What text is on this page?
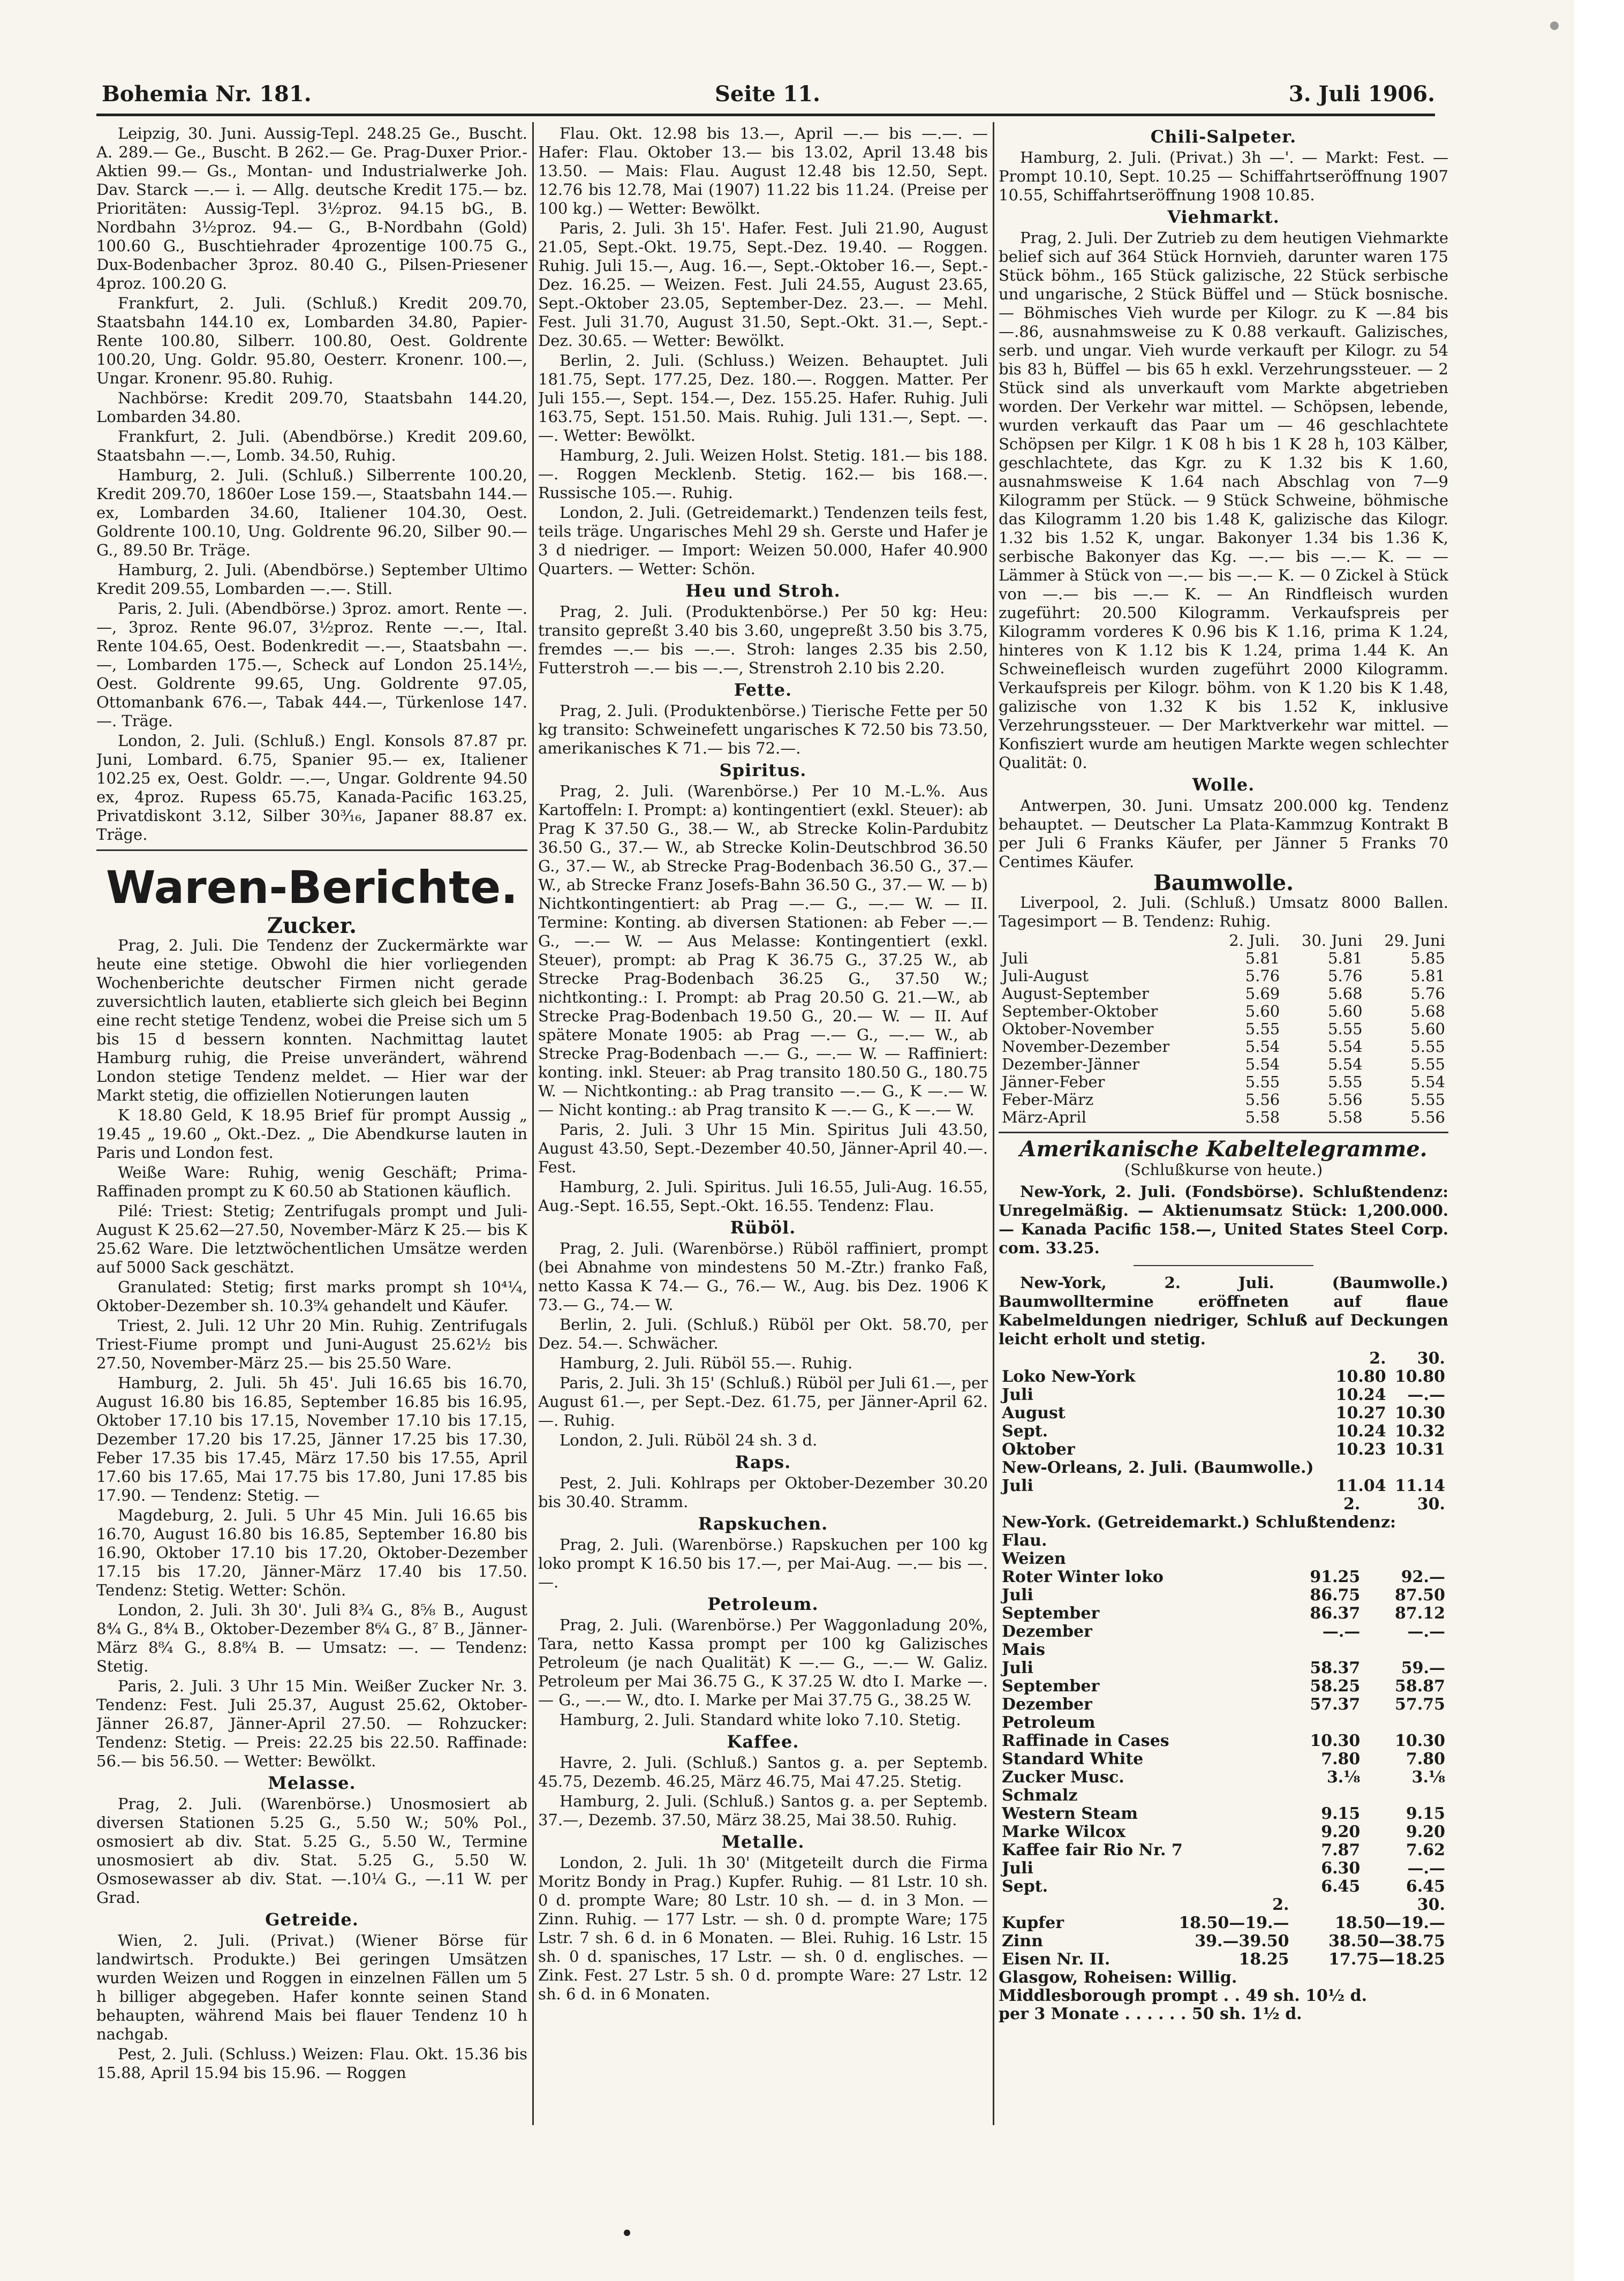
Bohemia Nr. 181.	Seite 11.	3. Juli 1906.

Leipzig, 30. Juni. Aussig-Tepl. 248.25 Ge., Buscht. A. 289.— Ge., Buscht. B 262.— Ge. Prag-Duxer Prior.-Aktien 99.— Gs., Montan- und Industrialwerke Joh. Dav. Starck —.— i. — Allg. deutsche Kredit 175.— bz. Prioritäten: Aussig-Tepl. 3½proz. 94.15 bG., B. Nordbahn 3½proz. 94.— G., B-Nordbahn (Gold) 100.60 G., Buschtiehrader 4prozentige 100.75 G., Dux-Bodenbacher 3proz. 80.40 G., Pilsen-Priesener 4proz. 100.20 G.

Frankfurt, 2. Juli. (Schluß.) Kredit 209.70, Staatsbahn 144.10 ex, Lombarden 34.80, Papier-Rente 100.80, Silberr. 100.80, Oest. Goldrente 100.20, Ung. Goldr. 95.80, Oesterr. Kronenr. 100.—, Ungar. Kronenr. 95.80. Ruhig.

Nachbörse: Kredit 209.70, Staatsbahn 144.20, Lombarden 34.80.

Frankfurt, 2. Juli. (Abendbörse.) Kredit 209.60, Staatsbahn —.—, Lomb. 34.50, Ruhig.

Hamburg, 2. Juli. (Schluß.) Silberrente 100.20, Kredit 209.70, 1860er Lose 159.—, Staatsbahn 144.— ex, Lombarden 34.60, Italiener 104.30, Oest. Goldrente 100.10, Ung. Goldrente 96.20, Silber 90.— G., 89.50 Br. Träge.

Hamburg, 2. Juli. (Abendbörse.) September Ultimo Kredit 209.55, Lombarden —.—. Still.

Paris, 2. Juli. (Abendbörse.) 3proz. amort. Rente —.—, 3proz. Rente 96.07, 3½proz. Rente —.—, Ital. Rente 104.65, Oest. Bodenkredit —.—, Staatsbahn —.—, Lombarden 175.—, Scheck auf London 25.14½, Oest. Goldrente 99.65, Ung. Goldrente 97.05, Ottomanbank 676.—, Tabak 444.—, Türkenlose 147.—. Träge.

London, 2. Juli. (Schluß.) Engl. Konsols 87.87 pr. Juni, Lombard. 6.75, Spanier 95.— ex, Italiener 102.25 ex, Oest. Goldr. —.—, Ungar. Goldrente 94.50 ex, 4proz. Rupess 65.75, Kanada-Pacific 163.25, Privatdiskont 3.12, Silber 30³⁄₁₆, Japaner 88.87 ex. Träge.

Waren-Berichte.
Zucker.

Prag, 2. Juli. Die Tendenz der Zuckermärkte war heute eine stetige. Obwohl die hier vorliegenden Wochenberichte deutscher Firmen nicht gerade zuversichtlich lauten, etablierte sich gleich bei Beginn eine recht stetige Tendenz, wobei die Preise sich um 5 bis 15 d bessern konnten. Nachmittag lautet Hamburg ruhig, die Preise unverändert, während London stetige Tendenz meldet. — Hier war der Markt stetig, die offiziellen Notierungen lauten

K 18.80 Geld, K 18.95 Brief für prompt Aussig „ 19.45 „ 19.60 „ Okt.-Dez. „ Die Abendkurse lauten in Paris und London fest.

Weiße Ware: Ruhig, wenig Geschäft; Prima-Raffinaden prompt zu K 60.50 ab Stationen käuflich.

Pilé: Triest: Stetig; Zentrifugals prompt und Juli-August K 25.62—27.50, November-März K 25.— bis K 25.62 Ware. Die letztwöchentlichen Umsätze werden auf 5000 Sack geschätzt.

Granulated: Stetig; first marks prompt sh 10⁴¹⁄₄, Oktober-Dezember sh. 10.3⁹⁄₄ gehandelt und Käufer.

Triest, 2. Juli. 12 Uhr 20 Min. Ruhig. Zentrifugals Triest-Fiume prompt und Juni-August 25.62½ bis 27.50, November-März 25.— bis 25.50 Ware.

Hamburg, 2. Juli. 5h 45'. Juli 16.65 bis 16.70, August 16.80 bis 16.85, September 16.85 bis 16.95, Oktober 17.10 bis 17.15, November 17.10 bis 17.15, Dezember 17.20 bis 17.25, Jänner 17.25 bis 17.30, Feber 17.35 bis 17.45, März 17.50 bis 17.55, April 17.60 bis 17.65, Mai 17.75 bis 17.80, Juni 17.85 bis 17.90. — Tendenz: Stetig. —

Magdeburg, 2. Juli. 5 Uhr 45 Min. Juli 16.65 bis 16.70, August 16.80 bis 16.85, September 16.80 bis 16.90, Oktober 17.10 bis 17.20, Oktober-Dezember 17.15 bis 17.20, Jänner-März 17.40 bis 17.50. Tendenz: Stetig. Wetter: Schön.

London, 2. Juli. 3h 30'. Juli 8³⁄₄ G., 8⁵⁄₈ B., August 8⁴⁄₄ G., 8⁴⁄₄ B., Oktober-Dezember 8⁶⁄₄ G., 8⁷ B., Jänner-März 8⁸⁄₄ G., 8.8⁸⁄₄ B. — Umsatz: —. — Tendenz: Stetig.

Paris, 2. Juli. 3 Uhr 15 Min. Weißer Zucker Nr. 3. Tendenz: Fest. Juli 25.37, August 25.62, Oktober-Jänner 26.87, Jänner-April 27.50. — Rohzucker: Tendenz: Stetig. — Preis: 22.25 bis 22.50. Raffinade: 56.— bis 56.50. — Wetter: Bewölkt.

Melasse.

Prag, 2. Juli. (Warenbörse.) Unosmosiert ab diversen Stationen 5.25 G., 5.50 W.; 50% Pol., osmosiert ab div. Stat. 5.25 G., 5.50 W., Termine unosmosiert ab div. Stat. 5.25 G., 5.50 W. Osmosewasser ab div. Stat. —.10¹⁄₄ G., —.11 W. per Grad.

Getreide.

Wien, 2. Juli. (Privat.) (Wiener Börse für landwirtsch. Produkte.) Bei geringen Umsätzen wurden Weizen und Roggen in einzelnen Fällen um 5 h billiger abgegeben. Hafer konnte seinen Stand behaupten, während Mais bei flauer Tendenz 10 h nachgab.

Pest, 2. Juli. (Schluss.) Weizen: Flau. Okt. 15.36 bis 15.88, April 15.94 bis 15.96. — Roggen

Flau. Okt. 12.98 bis 13.—, April —.— bis —.—. — Hafer: Flau. Oktober 13.— bis 13.02, April 13.48 bis 13.50. — Mais: Flau. August 12.48 bis 12.50, Sept. 12.76 bis 12.78, Mai (1907) 11.22 bis 11.24. (Preise per 100 kg.) — Wetter: Bewölkt.

Paris, 2. Juli. 3h 15'. Hafer. Fest. Juli 21.90, August 21.05, Sept.-Okt. 19.75, Sept.-Dez. 19.40. — Roggen. Ruhig. Juli 15.—, Aug. 16.—, Sept.-Oktober 16.—, Sept.-Dez. 16.25. — Weizen. Fest. Juli 24.55, August 23.65, Sept.-Oktober 23.05, September-Dez. 23.—. — Mehl. Fest. Juli 31.70, August 31.50, Sept.-Okt. 31.—, Sept.-Dez. 30.65. — Wetter: Bewölkt.

Berlin, 2. Juli. (Schluss.) Weizen. Behauptet. Juli 181.75, Sept. 177.25, Dez. 180.—. Roggen. Matter. Per Juli 155.—, Sept. 154.—, Dez. 155.25. Hafer. Ruhig. Juli 163.75, Sept. 151.50. Mais. Ruhig. Juli 131.—, Sept. —.—. Wetter: Bewölkt.

Hamburg, 2. Juli. Weizen Holst. Stetig. 181.— bis 188.—. Roggen Mecklenb. Stetig. 162.— bis 168.—. Russische 105.—. Ruhig.

London, 2. Juli. (Getreidemarkt.) Tendenzen teils fest, teils träge. Ungarisches Mehl 29 sh. Gerste und Hafer je 3 d niedriger. — Import: Weizen 50.000, Hafer 40.900 Quarters. — Wetter: Schön.

Heu und Stroh.

Prag, 2. Juli. (Produktenbörse.) Per 50 kg: Heu: transito gepreßt 3.40 bis 3.60, ungepreßt 3.50 bis 3.75, fremdes —.— bis —.—. Stroh: langes 2.35 bis 2.50, Futterstroh —.— bis —.—, Strenstroh 2.10 bis 2.20.

Fette.

Prag, 2. Juli. (Produktenbörse.) Tierische Fette per 50 kg transito: Schweinefett ungarisches K 72.50 bis 73.50, amerikanisches K 71.— bis 72.—.

Spiritus.

Prag, 2. Juli. (Warenbörse.) Per 10 M.-L.%. Aus Kartoffeln: I. Prompt: a) kontingentiert (exkl. Steuer): ab Prag K 37.50 G., 38.— W., ab Strecke Kolin-Pardubitz 36.50 G., 37.— W., ab Strecke Kolin-Deutschbrod 36.50 G., 37.— W., ab Strecke Prag-Bodenbach 36.50 G., 37.— W., ab Strecke Franz Josefs-Bahn 36.50 G., 37.— W. — b) Nichtkontingentiert: ab Prag —.— G., —.— W. — II. Termine: Konting. ab diversen Stationen: ab Feber —.— G., —.— W. — Aus Melasse: Kontingentiert (exkl. Steuer), prompt: ab Prag K 36.75 G., 37.25 W., ab Strecke Prag-Bodenbach 36.25 G., 37.50 W.; nichtkonting.: I. Prompt: ab Prag 20.50 G. 21.—W., ab Strecke Prag-Bodenbach 19.50 G., 20.— W. — II. Auf spätere Monate 1905: ab Prag —.— G., —.— W., ab Strecke Prag-Bodenbach —.— G., —.— W. — Raffiniert: konting. inkl. Steuer: ab Prag transito 180.50 G., 180.75 W. — Nichtkonting.: ab Prag transito —.— G., K —.— W. — Nicht konting.: ab Prag transito K —.— G., K —.— W.

Paris, 2. Juli. 3 Uhr 15 Min. Spiritus Juli 43.50, August 43.50, Sept.-Dezember 40.50, Jänner-April 40.—. Fest.

Hamburg, 2. Juli. Spiritus. Juli 16.55, Juli-Aug. 16.55, Aug.-Sept. 16.55, Sept.-Okt. 16.55. Tendenz: Flau.

Rüböl.

Prag, 2. Juli. (Warenbörse.) Rüböl raffiniert, prompt (bei Abnahme von mindestens 50 M.-Ztr.) franko Faß, netto Kassa K 74.— G., 76.— W., Aug. bis Dez. 1906 K 73.— G., 74.— W.

Berlin, 2. Juli. (Schluß.) Rüböl per Okt. 58.70, per Dez. 54.—. Schwächer.

Hamburg, 2. Juli. Rüböl 55.—. Ruhig.

Paris, 2. Juli. 3h 15' (Schluß.) Rüböl per Juli 61.—, per August 61.—, per Sept.-Dez. 61.75, per Jänner-April 62.—. Ruhig.

London, 2. Juli. Rüböl 24 sh. 3 d.

Raps.

Pest, 2. Juli. Kohlraps per Oktober-Dezember 30.20 bis 30.40. Stramm.

Rapskuchen.

Prag, 2. Juli. (Warenbörse.) Rapskuchen per 100 kg loko prompt K 16.50 bis 17.—, per Mai-Aug. —.— bis —.—.

Petroleum.

Prag, 2. Juli. (Warenbörse.) Per Waggonladung 20%, Tara, netto Kassa prompt per 100 kg Galizisches Petroleum (je nach Qualität) K —.— G., —.— W. Galiz. Petroleum per Mai 36.75 G., K 37.25 W. dto I. Marke —.— G., —.— W., dto. I. Marke per Mai 37.75 G., 38.25 W.

Hamburg, 2. Juli. Standard white loko 7.10. Stetig.

Kaffee.

Havre, 2. Juli. (Schluß.) Santos g. a. per Septemb. 45.75, Dezemb. 46.25, März 46.75, Mai 47.25. Stetig.

Hamburg, 2. Juli. (Schluß.) Santos g. a. per Septemb. 37.—, Dezemb. 37.50, März 38.25, Mai 38.50. Ruhig.

Metalle.

London, 2. Juli. 1h 30' (Mitgeteilt durch die Firma Moritz Bondy in Prag.) Kupfer. Ruhig. — 81 Lstr. 10 sh. 0 d. prompte Ware; 80 Lstr. 10 sh. — d. in 3 Mon. — Zinn. Ruhig. — 177 Lstr. — sh. 0 d. prompte Ware; 175 Lstr. 7 sh. 6 d. in 6 Monaten. — Blei. Ruhig. 16 Lstr. 15 sh. 0 d. spanisches, 17 Lstr. — sh. 0 d. englisches. — Zink. Fest. 27 Lstr. 5 sh. 0 d. prompte Ware: 27 Lstr. 12 sh. 6 d. in 6 Monaten.

Chili-Salpeter.

Hamburg, 2. Juli. (Privat.) 3h —'. — Markt: Fest. — Prompt 10.10, Sept. 10.25 — Schiffahrtseröffnung 1907 10.55, Schiffahrtseröffnung 1908 10.85.

Viehmarkt.

Prag, 2. Juli. Der Zutrieb zu dem heutigen Viehmarkte belief sich auf 364 Stück Hornvieh, darunter waren 175 Stück böhm., 165 Stück galizische, 22 Stück serbische und ungarische, 2 Stück Büffel und — Stück bosnische. — Böhmisches Vieh wurde per Kilogr. zu K —.84 bis —.86, ausnahmsweise zu K 0.88 verkauft. Galizisches, serb. und ungar. Vieh wurde verkauft per Kilogr. zu 54 bis 83 h, Büffel — bis 65 h exkl. Verzehrungssteuer. — 2 Stück sind als unverkauft vom Markte abgetrieben worden. Der Verkehr war mittel. — Schöpsen, lebende, wurden verkauft das Paar um — 46 geschlachtete Schöpsen per Kilgr. 1 K 08 h bis 1 K 28 h, 103 Kälber, geschlachtete, das Kgr. zu K 1.32 bis K 1.60, ausnahmsweise K 1.64 nach Abschlag von 7—9 Kilogramm per Stück. — 9 Stück Schweine, böhmische das Kilogramm 1.20 bis 1.48 K, galizische das Kilogr. 1.32 bis 1.52 K, ungar. Bakonyer 1.34 bis 1.36 K, serbische Bakonyer das Kg. —.— bis —.— K. — — Lämmer à Stück von —.— bis —.— K. — 0 Zickel à Stück von —.— bis —.— K. — An Rindfleisch wurden zugeführt: 20.500 Kilogramm. Verkaufspreis per Kilogramm vorderes K 0.96 bis K 1.16, prima K 1.24, hinteres von K 1.12 bis K 1.24, prima 1.44 K. An Schweinefleisch wurden zugeführt 2000 Kilogramm. Verkaufspreis per Kilogr. böhm. von K 1.20 bis K 1.48, galizische von 1.32 K bis 1.52 K, inklusive Verzehrungssteuer. — Der Marktverkehr war mittel. — Konfisziert wurde am heutigen Markte wegen schlechter Qualität: 0.

Wolle.

Antwerpen, 30. Juni. Umsatz 200.000 kg. Tendenz behauptet. — Deutscher La Plata-Kammzug Kontrakt B per Juli 6 Franks Käufer, per Jänner 5 Franks 70 Centimes Käufer.

Baumwolle.

Liverpool, 2. Juli. (Schluß.) Umsatz 8000 Ballen. Tagesimport — B. Tendenz: Ruhig.

	2. Juli.	30. Juni	29. Juni
Juli	5.81	5.81	5.85
Juli-August	5.76	5.76	5.81
August-September	5.69	5.68	5.76
September-Oktober	5.60	5.60	5.68
Oktober-November	5.55	5.55	5.60
November-Dezember	5.54	5.54	5.55
Dezember-Jänner	5.54	5.54	5.55
Jänner-Feber	5.55	5.55	5.54
Feber-März	5.56	5.56	5.55
März-April	5.58	5.58	5.56
Amerikanische Kabeltelegramme.
(Schlußkurse von heute.)

New-York, 2. Juli. (Fondsbörse). Schlußtendenz: Unregelmäßig. — Aktienumsatz Stück: 1,200.000. — Kanada Pacific 158.—, United States Steel Corp. com. 33.25.

New-York, 2. Juli. (Baumwolle.) Baumwolltermine eröffneten auf flaue Kabelmeldungen niedriger, Schluß auf Deckungen leicht erholt und stetig.

	2.	30.
Loko New-York	10.80	10.80
Juli	10.24	—.—
August	10.27	10.30
Sept.	10.24	10.32
Oktober	10.23	10.31
New-Orleans, 2. Juli. (Baumwolle.)		
Juli	11.04	11.14
	2.	30.
New-York. (Getreidemarkt.) Schlußtendenz: Flau.		
Weizen		
Roter Winter loko	91.25	92.—
Juli	86.75	87.50
September	86.37	87.12
Dezember	—.—	—.—
Mais		
Juli	58.37	59.—
September	58.25	58.87
Dezember	57.37	57.75
Petroleum		
Raffinade in Cases	10.30	10.30
Standard White	7.80	7.80
Zucker Musc.	3.⅛	3.⅛
Schmalz		
Western Steam	9.15	9.15
Marke Wilcox	9.20	9.20
Kaffee fair Rio Nr. 7	7.87	7.62
Juli	6.30	—.—
Sept.	6.45	6.45
	2.	30.
Kupfer	18.50—19.—	18.50—19.—
Zinn	39.—39.50	38.50—38.75
Eisen Nr. II.	18.25	17.75—18.25
Glasgow, Roheisen: Willig.
Middlesborough prompt . . 49 sh. 10½ d.
per 3 Monate . . . . . . 50 sh. 1½ d.
